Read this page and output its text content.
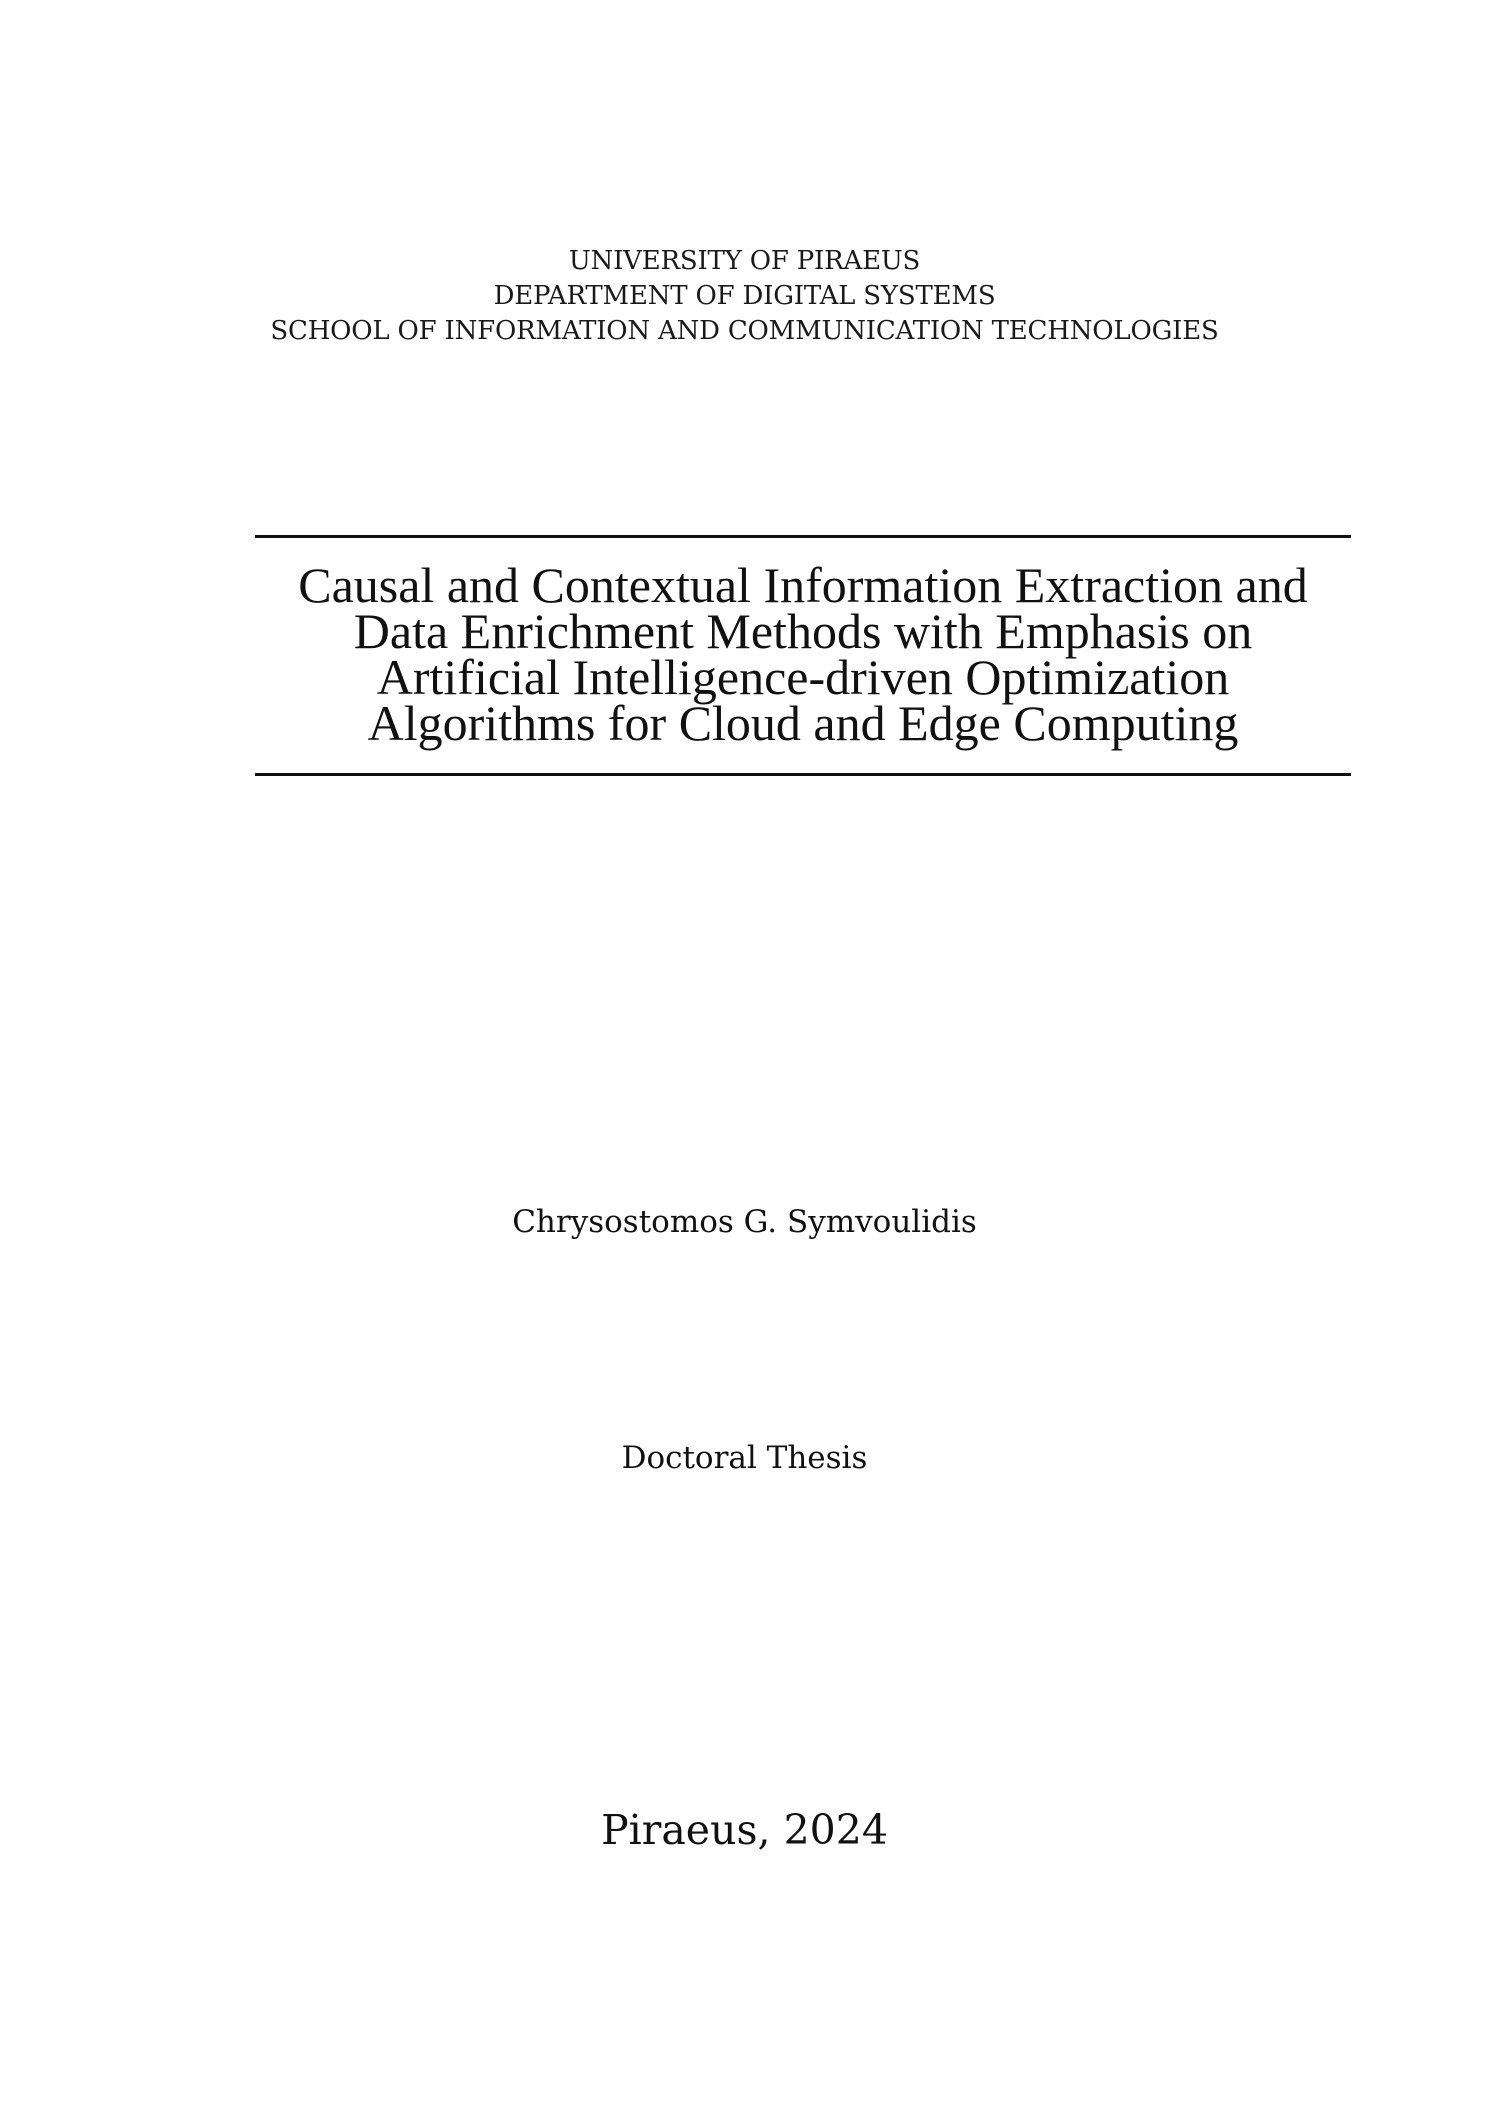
UNIVERSITY OF PIRAEUS
DEPARTMENT OF DIGITAL SYSTEMS
SCHOOL OF INFORMATION AND COMMUNICATION TECHNOLOGIES
Causal and Contextual Information Extraction and
Data Enrichment Methods with Emphasis on
Artificial Intelligence-driven Optimization
Algorithms for Cloud and Edge Computing
Chrysostomos G. Symvoulidis
Doctoral Thesis
Piraeus, 2024
